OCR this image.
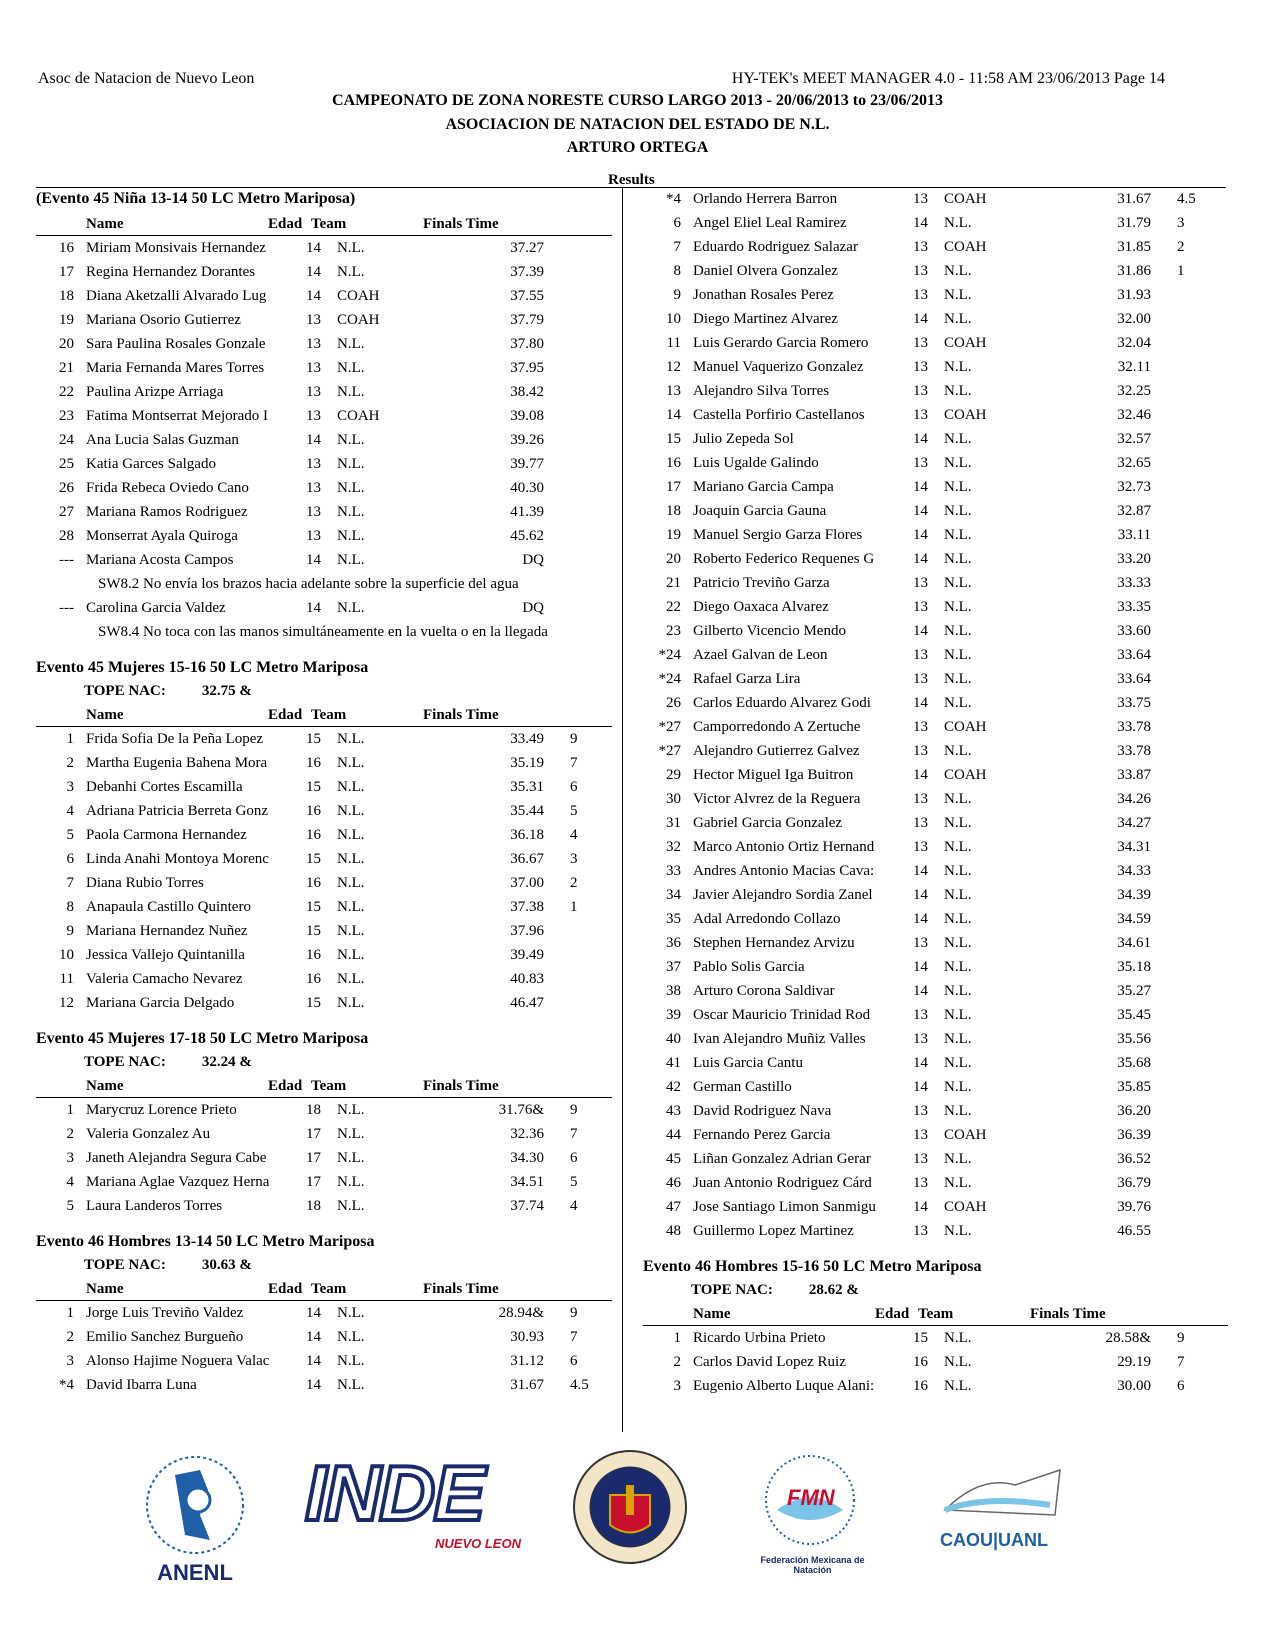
Asoc de Natacion de Nuevo Leon	HY-TEK's MEET MANAGER 4.0 - 11:58 AM 23/06/2013 Page 14
CAMPEONATO DE ZONA NORESTE CURSO LARGO 2013 - 20/06/2013 to 23/06/2013
ASOCIACION DE NATACION DEL ESTADO DE N.L.
ARTURO ORTEGA
Results
(Evento 45 Niña 13-14 50 LC Metro Mariposa)
Name	Edad Team	Finals Time
16 Miriam Monsivais Hernandez	14 N.L.	37.27
17 Regina Hernandez Dorantes	14 N.L.	37.39
18 Diana Aketzalli Alvarado Lug	14 COAH	37.55
19 Mariana Osorio Gutierrez	13 COAH	37.79
20 Sara Paulina Rosales Gonzale	13 N.L.	37.80
21 Maria Fernanda Mares Torres	13 N.L.	37.95
22 Paulina Arizpe Arriaga	13 N.L.	38.42
23 Fatima Montserrat Mejorado I	13 COAH	39.08
24 Ana Lucia Salas Guzman	14 N.L.	39.26
25 Katia Garces Salgado	13 N.L.	39.77
26 Frida Rebeca Oviedo Cano	13 N.L.	40.30
27 Mariana Ramos Rodriguez	13 N.L.	41.39
28 Monserrat Ayala Quiroga	13 N.L.	45.62
--- Mariana Acosta Campos	14 N.L.	DQ
SW8.2 No envía los brazos hacia adelante sobre la superficie del agua
--- Carolina Garcia Valdez	14 N.L.	DQ
SW8.4 No toca con las manos simultáneamente en la vuelta o en la llegada
Evento 45 Mujeres 15-16 50 LC Metro Mariposa
TOPE NAC: 32.75 &
Name	Edad Team	Finals Time
1 Frida Sofia De la Peña Lopez	15 N.L.	33.49 9
2 Martha Eugenia Bahena Mora	16 N.L.	35.19 7
3 Debanhi Cortes Escamilla	15 N.L.	35.31 6
4 Adriana Patricia Berreta Gonz	16 N.L.	35.44 5
5 Paola Carmona Hernandez	16 N.L.	36.18 4
6 Linda Anahi Montoya Morenc	15 N.L.	36.67 3
7 Diana Rubio Torres	16 N.L.	37.00 2
8 Anapaula Castillo Quintero	15 N.L.	37.38 1
9 Mariana Hernandez Nuñez	15 N.L.	37.96
10 Jessica Vallejo Quintanilla	16 N.L.	39.49
11 Valeria Camacho Nevarez	16 N.L.	40.83
12 Mariana Garcia Delgado	15 N.L.	46.47
Evento 45 Mujeres 17-18 50 LC Metro Mariposa
TOPE NAC: 32.24 &
Name	Edad Team	Finals Time
1 Marycruz Lorence Prieto	18 N.L.	31.76& 9
2 Valeria Gonzalez Au	17 N.L.	32.36 7
3 Janeth Alejandra Segura Cabe	17 N.L.	34.30 6
4 Mariana Aglae Vazquez Herna	17 N.L.	34.51 5
5 Laura Landeros Torres	18 N.L.	37.74 4
Evento 46 Hombres 13-14 50 LC Metro Mariposa
TOPE NAC: 30.63 &
Name	Edad Team	Finals Time
1 Jorge Luis Treviño Valdez	14 N.L.	28.94& 9
2 Emilio Sanchez Burgueño	14 N.L.	30.93 7
3 Alonso Hajime Noguera Valac	14 N.L.	31.12 6
*4 David Ibarra Luna	14 N.L.	31.67 4.5
*4 Orlando Herrera Barron	13 COAH	31.67 4.5
6 Angel Eliel Leal Ramirez	14 N.L.	31.79 3
7 Eduardo Rodriguez Salazar	13 COAH	31.85 2
8 Daniel Olvera Gonzalez	13 N.L.	31.86 1
9 Jonathan Rosales Perez	13 N.L.	31.93
10 Diego Martinez Alvarez	14 N.L.	32.00
11 Luis Gerardo Garcia Romero	13 COAH	32.04
12 Manuel Vaquerizo Gonzalez	13 N.L.	32.11
13 Alejandro Silva Torres	13 N.L.	32.25
14 Castella Porfirio Castellanos	13 COAH	32.46
15 Julio Zepeda Sol	14 N.L.	32.57
16 Luis Ugalde Galindo	13 N.L.	32.65
17 Mariano Garcia Campa	14 N.L.	32.73
18 Joaquin Garcia Gauna	14 N.L.	32.87
19 Manuel Sergio Garza Flores	14 N.L.	33.11
20 Roberto Federico Requenes G	14 N.L.	33.20
21 Patricio Treviño Garza	13 N.L.	33.33
22 Diego Oaxaca Alvarez	13 N.L.	33.35
23 Gilberto Vicencio Mendo	14 N.L.	33.60
*24 Azael Galvan de Leon	13 N.L.	33.64
*24 Rafael Garza Lira	13 N.L.	33.64
26 Carlos Eduardo Alvarez Godi	14 N.L.	33.75
*27 Camporredondo A Zertuche	13 COAH	33.78
*27 Alejandro Gutierrez Galvez	13 N.L.	33.78
29 Hector Miguel Iga Buitron	14 COAH	33.87
30 Victor Alvrez de la Reguera	13 N.L.	34.26
31 Gabriel Garcia Gonzalez	13 N.L.	34.27
32 Marco Antonio Ortiz Hernand	13 N.L.	34.31
33 Andres Antonio Macias Cava:	14 N.L.	34.33
34 Javier Alejandro Sordia Zanel	14 N.L.	34.39
35 Adal Arredondo Collazo	14 N.L.	34.59
36 Stephen Hernandez Arvizu	13 N.L.	34.61
37 Pablo Solis Garcia	14 N.L.	35.18
38 Arturo Corona Saldivar	14 N.L.	35.27
39 Oscar Mauricio Trinidad Rod	13 N.L.	35.45
40 Ivan Alejandro Muñiz Valles	13 N.L.	35.56
41 Luis Garcia Cantu	14 N.L.	35.68
42 German Castillo	14 N.L.	35.85
43 David Rodriguez Nava	13 N.L.	36.20
44 Fernando Perez Garcia	13 COAH	36.39
45 Liñan Gonzalez Adrian Gerar	13 N.L.	36.52
46 Juan Antonio Rodriguez Cárd	13 N.L.	36.79
47 Jose Santiago Limon Sanmigu	14 COAH	39.76
48 Guillermo Lopez Martinez	13 N.L.	46.55
Evento 46 Hombres 15-16 50 LC Metro Mariposa
TOPE NAC: 28.62 &
Name	Edad Team	Finals Time
1 Ricardo Urbina Prieto	15 N.L.	28.58& 9
2 Carlos David Lopez Ruiz	16 N.L.	29.19 7
3 Eugenio Alberto Luque Alani:	16 N.L.	30.00 6
ANENL
INDE
NUEVO LEON
FMN
Federación Mexicana de Natación
CAOU|UANL
